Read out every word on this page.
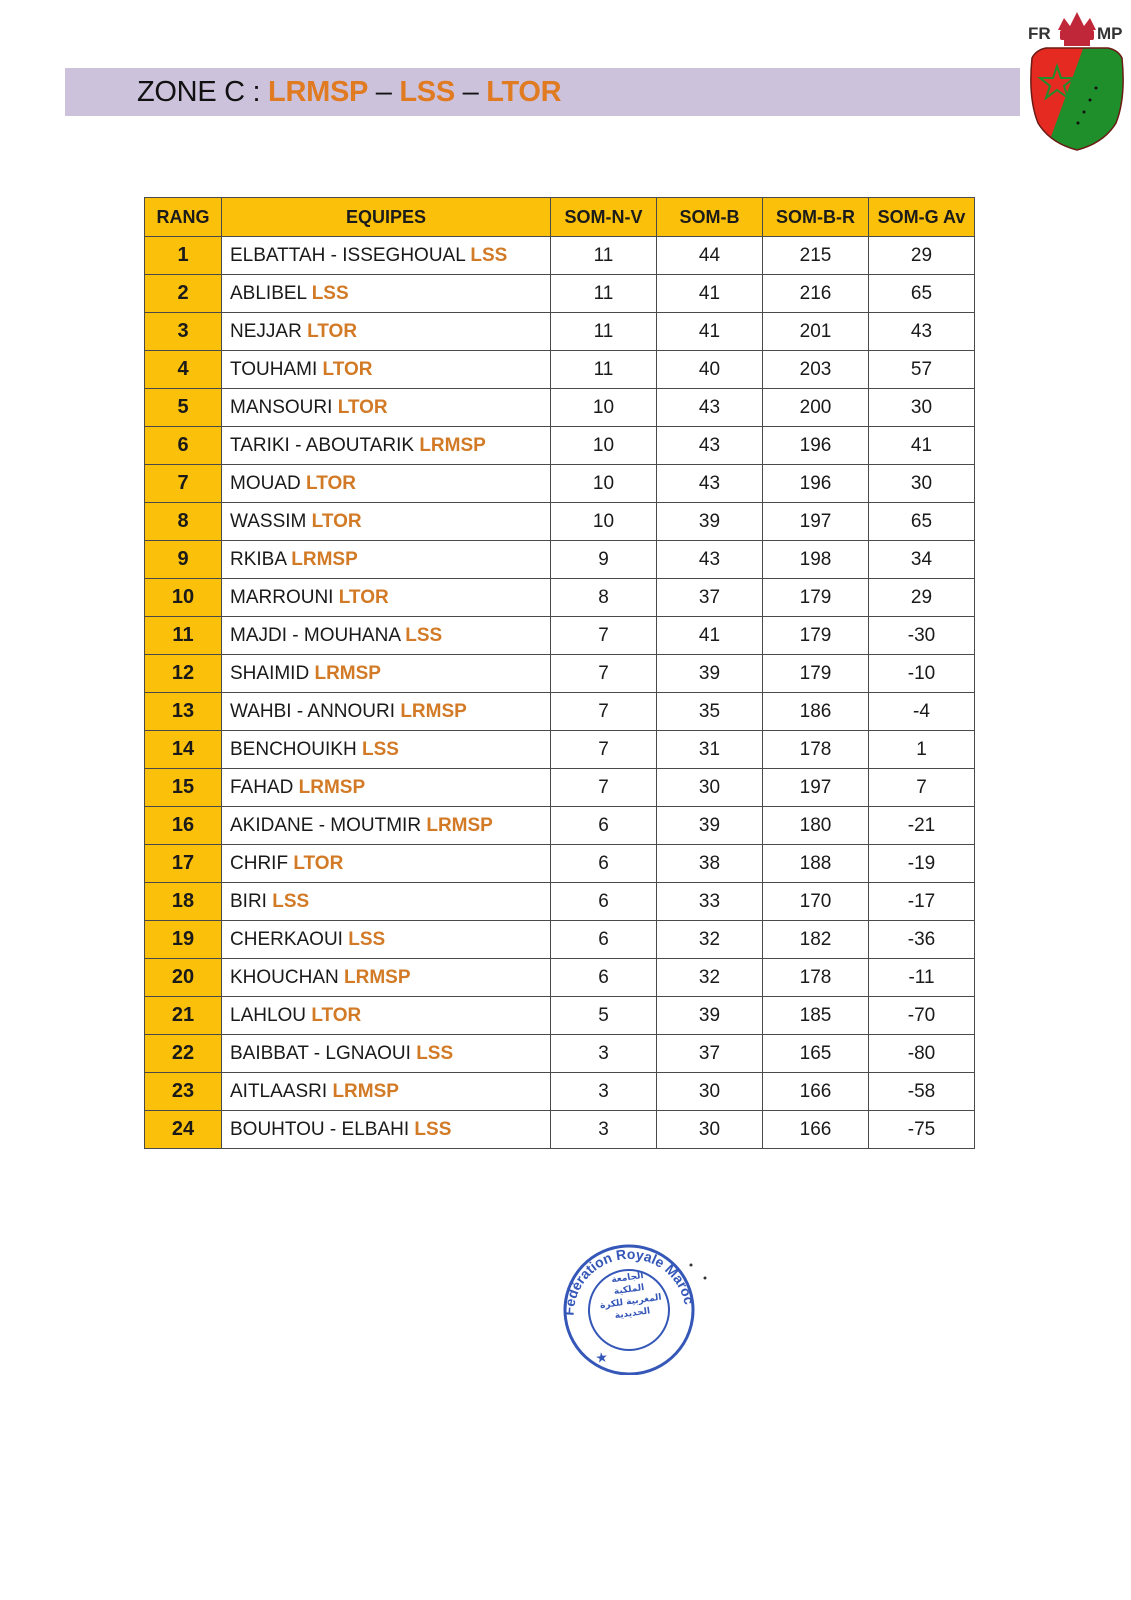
ZONE C : LRMSP – LSS – LTOR
FR	MP
RANG	EQUIPES	SOM-N-V	SOM-B	SOM-B-R	SOM-G Av
1	ELBATTAH - ISSEGHOUAL LSS	11	44	215	29
2	ABLIBEL LSS	11	41	216	65
3	NEJJAR LTOR	11	41	201	43
4	TOUHAMI LTOR	11	40	203	57
5	MANSOURI LTOR	10	43	200	30
6	TARIKI - ABOUTARIK LRMSP	10	43	196	41
7	MOUAD LTOR	10	43	196	30
8	WASSIM LTOR	10	39	197	65
9	RKIBA LRMSP	9	43	198	34
10	MARROUNI LTOR	8	37	179	29
11	MAJDI - MOUHANA LSS	7	41	179	-30
12	SHAIMID LRMSP	7	39	179	-10
13	WAHBI - ANNOURI LRMSP	7	35	186	-4
14	BENCHOUIKH LSS	7	31	178	1
15	FAHAD LRMSP	7	30	197	7
16	AKIDANE - MOUTMIR LRMSP	6	39	180	-21
17	CHRIF LTOR	6	38	188	-19
18	BIRI LSS	6	33	170	-17
19	CHERKAOUI LSS	6	32	182	-36
20	KHOUCHAN LRMSP	6	32	178	-11
21	LAHLOU LTOR	5	39	185	-70
22	BAIBBAT - LGNAOUI LSS	3	37	165	-80
23	AITLAASRI LRMSP	3	30	166	-58
24	BOUHTOU - ELBAHI LSS	3	30	166	-75
Fédération Royale Marocaine
★
الجامعة الملكية المغربية للكرة الحديدية
